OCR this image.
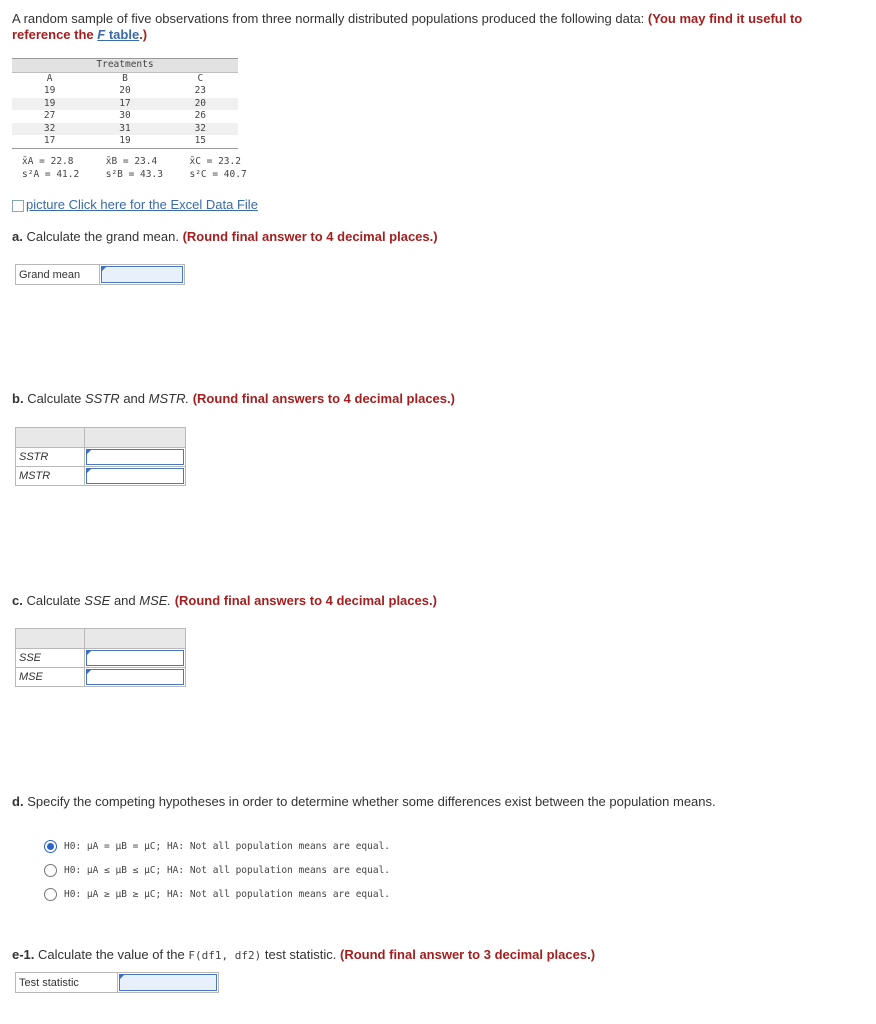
A random sample of five observations from three normally distributed populations produced the following data: (You may find it useful to reference the F table.)
Treatments		
A	B	C
19	20	23
19	17	20
27	30	26
32	31	32
17	19	15
x̄A = 22.8	x̄B = 23.4	x̄C = 23.2
s²A = 41.2	s²B = 43.3	s²C = 40.7
picture Click here for the Excel Data File
a. Calculate the grand mean. (Round final answer to 4 decimal places.)
Grand mean	
b. Calculate SSTR and MSTR. (Round final answers to 4 decimal places.)

SSTR	

MSTR	
c. Calculate SSE and MSE. (Round final answers to 4 decimal places.)

SSE	

MSE	
d. Specify the competing hypotheses in order to determine whether some differences exist between the population means.
H0: μA = μB = μC; HA: Not all population means are equal.
H0: μA ≤ μB ≤ μC; HA: Not all population means are equal.
H0: μA ≥ μB ≥ μC; HA: Not all population means are equal.
e-1. Calculate the value of the F(df1, df2) test statistic. (Round final answer to 3 decimal places.)
Test statistic	
